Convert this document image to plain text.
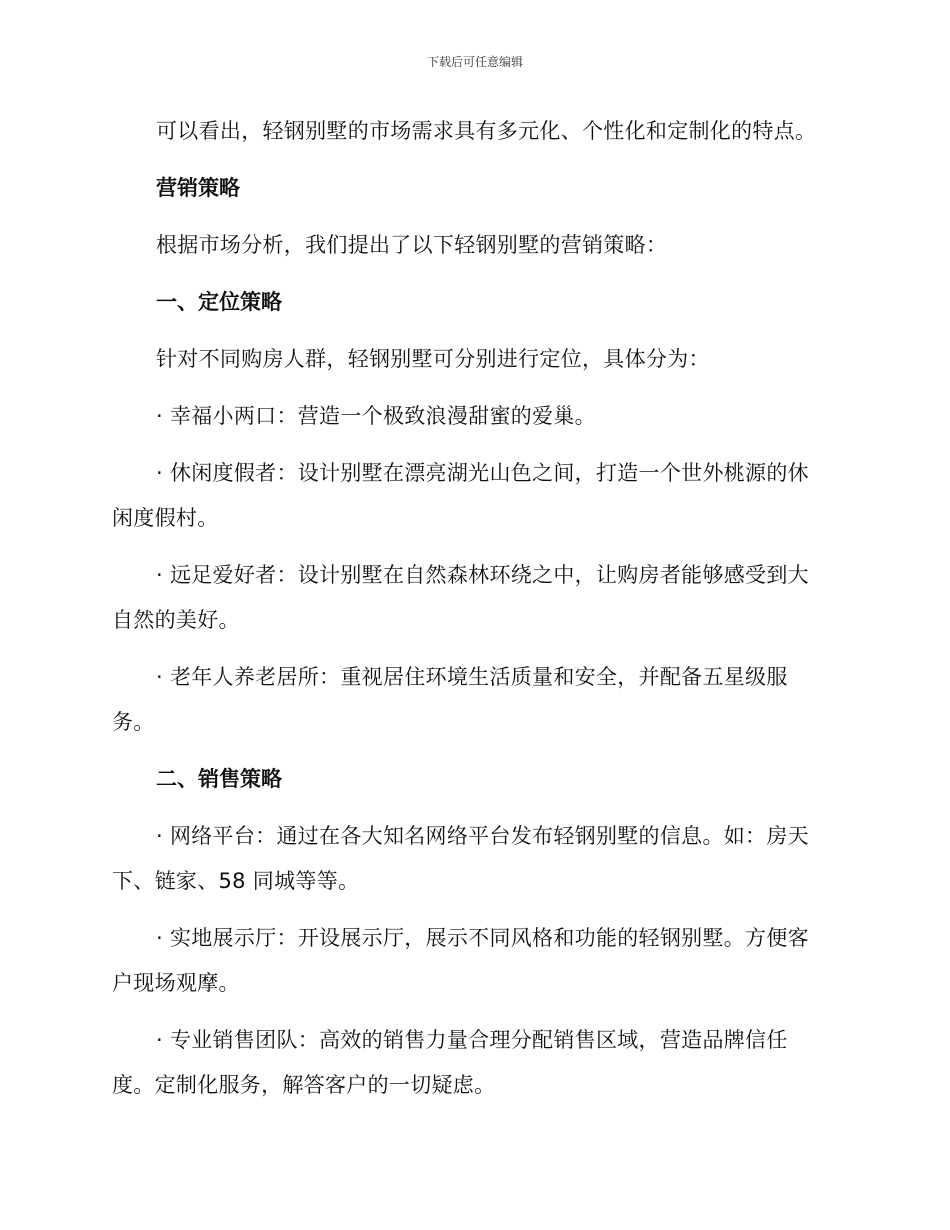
下载后可任意编辑

可以看出，轻钢别墅的市场需求具有多元化、个性化和定制化的特点。

营销策略

根据市场分析，我们提出了以下轻钢别墅的营销策略：

一、定位策略

针对不同购房人群，轻钢别墅可分别进行定位，具体分为：

· 幸福小两口：营造一个极致浪漫甜蜜的爱巢。

· 休闲度假者：设计别墅在漂亮湖光山色之间，打造一个世外桃源的休闲度假村。

· 远足爱好者：设计别墅在自然森林环绕之中，让购房者能够感受到大自然的美好。

· 老年人养老居所：重视居住环境生活质量和安全，并配备五星级服务。

二、销售策略

· 网络平台：通过在各大知名网络平台发布轻钢别墅的信息。如：房天下、链家、58 同城等等。

· 实地展示厅：开设展示厅，展示不同风格和功能的轻钢别墅。方便客户现场观摩。

· 专业销售团队：高效的销售力量合理分配销售区域，营造品牌信任度。定制化服务，解答客户的一切疑虑。
